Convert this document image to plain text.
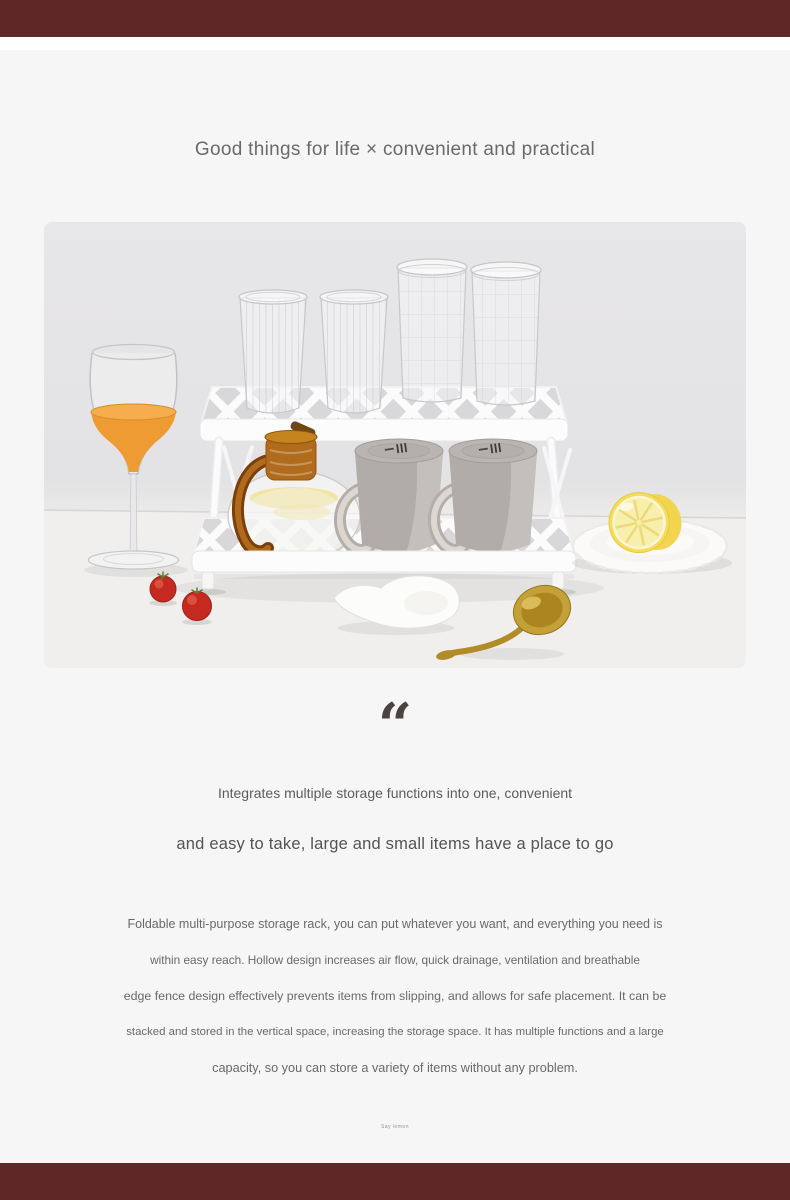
Good things for life × convenient and practical
“
Integrates multiple storage functions into one, convenient
and easy to take, large and small items have a place to go
Foldable multi-purpose storage rack, you can put whatever you want, and everything you need is
within easy reach. Hollow design increases air flow, quick drainage, ventilation and breathable
edge fence design effectively prevents items from slipping, and allows for safe placement. It can be
stacked and stored in the vertical space, increasing the storage space. It has multiple functions and a large
capacity, so you can store a variety of items without any problem.
Say lemon
